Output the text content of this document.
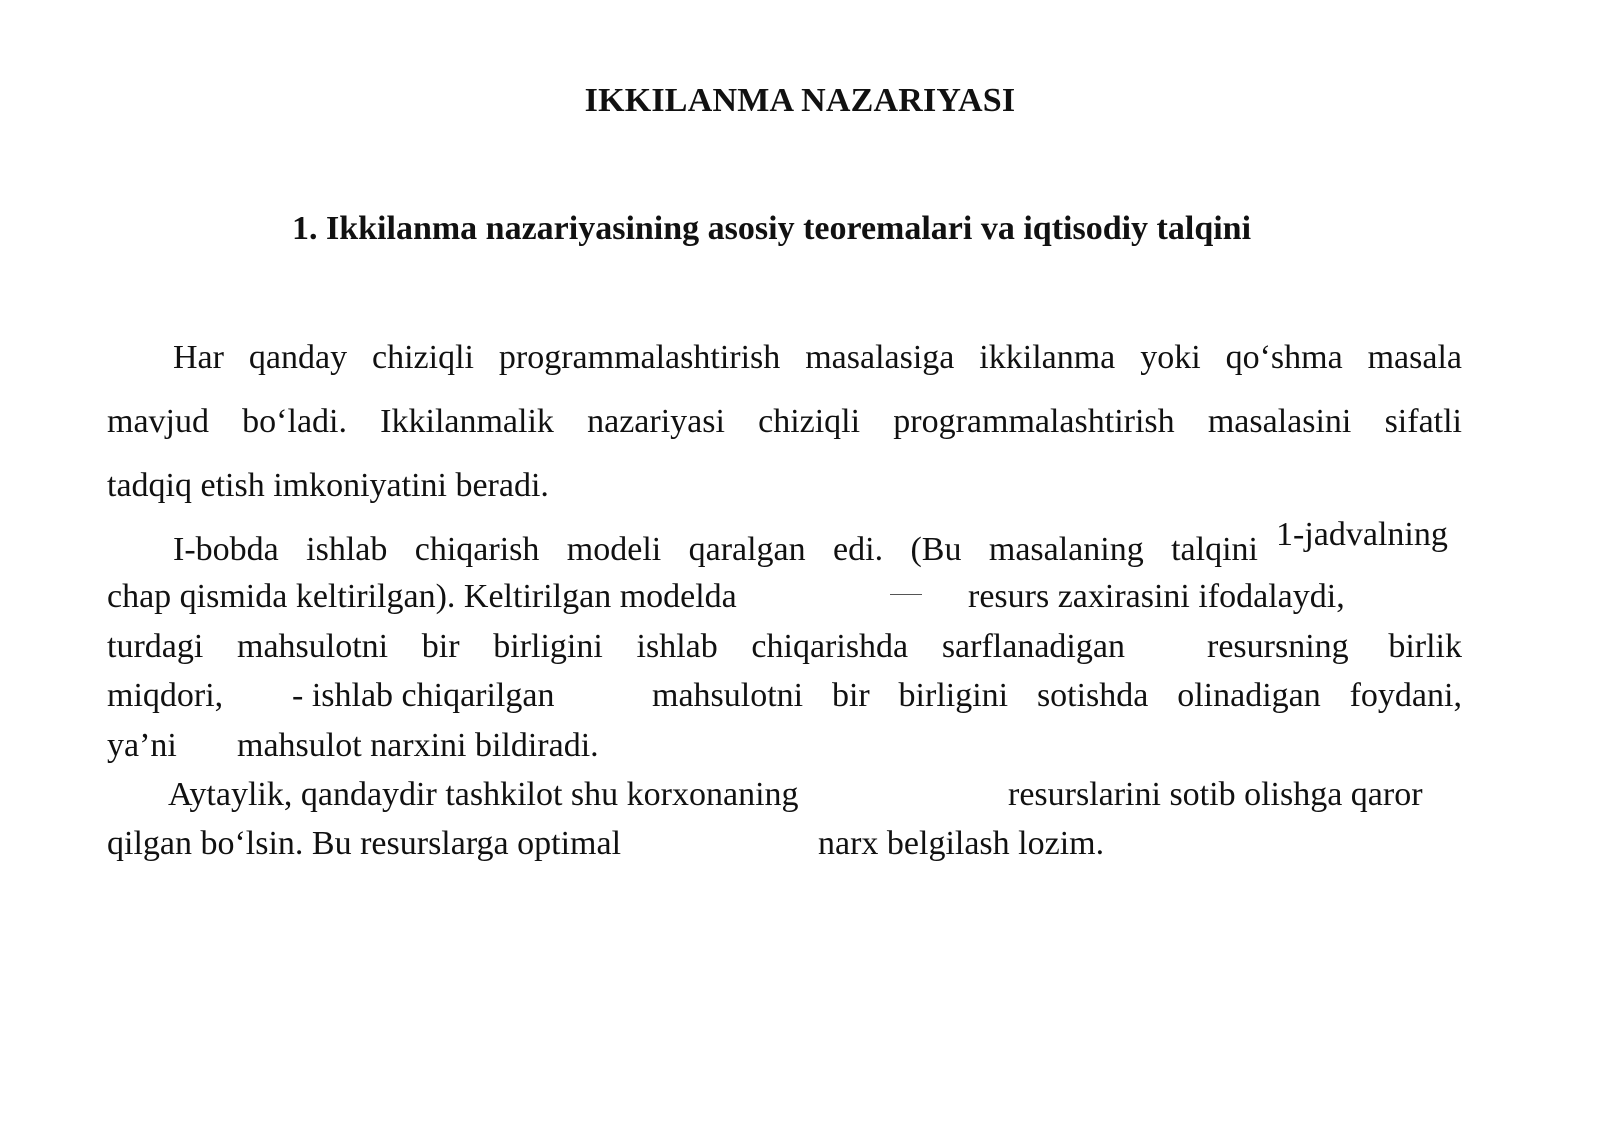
IKKILANMA NAZARIYASI
1. Ikkilanma nazariyasining asosiy teoremalari va iqtisodiy talqini
Har qanday chiziqli programmalashtirish masalasiga ikkilanma yoki qo‘shma masala
mavjud bo‘ladi. Ikkilanmalik nazariyasi chiziqli programmalashtirish masalasini sifatli
tadqiq etish imkoniyatini beradi.
I-bobda ishlab chiqarish modeli qaralgan edi. (Bu masalaning talqini 1-jadvalning
chap qismida keltirilgan). Keltirilgan modelda	resurs zaxirasini ifodalaydi,
turdagi mahsulotni bir birligini ishlab chiqarishda sarflanadigan resursning birlik
miqdori, - ishlab chiqarilgan	mahsulotni bir birligini sotishda olinadigan foydani,
ya’ni mahsulot narxini bildiradi.
Aytaylik, qandaydir tashkilot shu korxonaning	resurslarini sotib olishga qaror
qilgan bo‘lsin. Bu resurslarga optimal	narx belgilash lozim.
